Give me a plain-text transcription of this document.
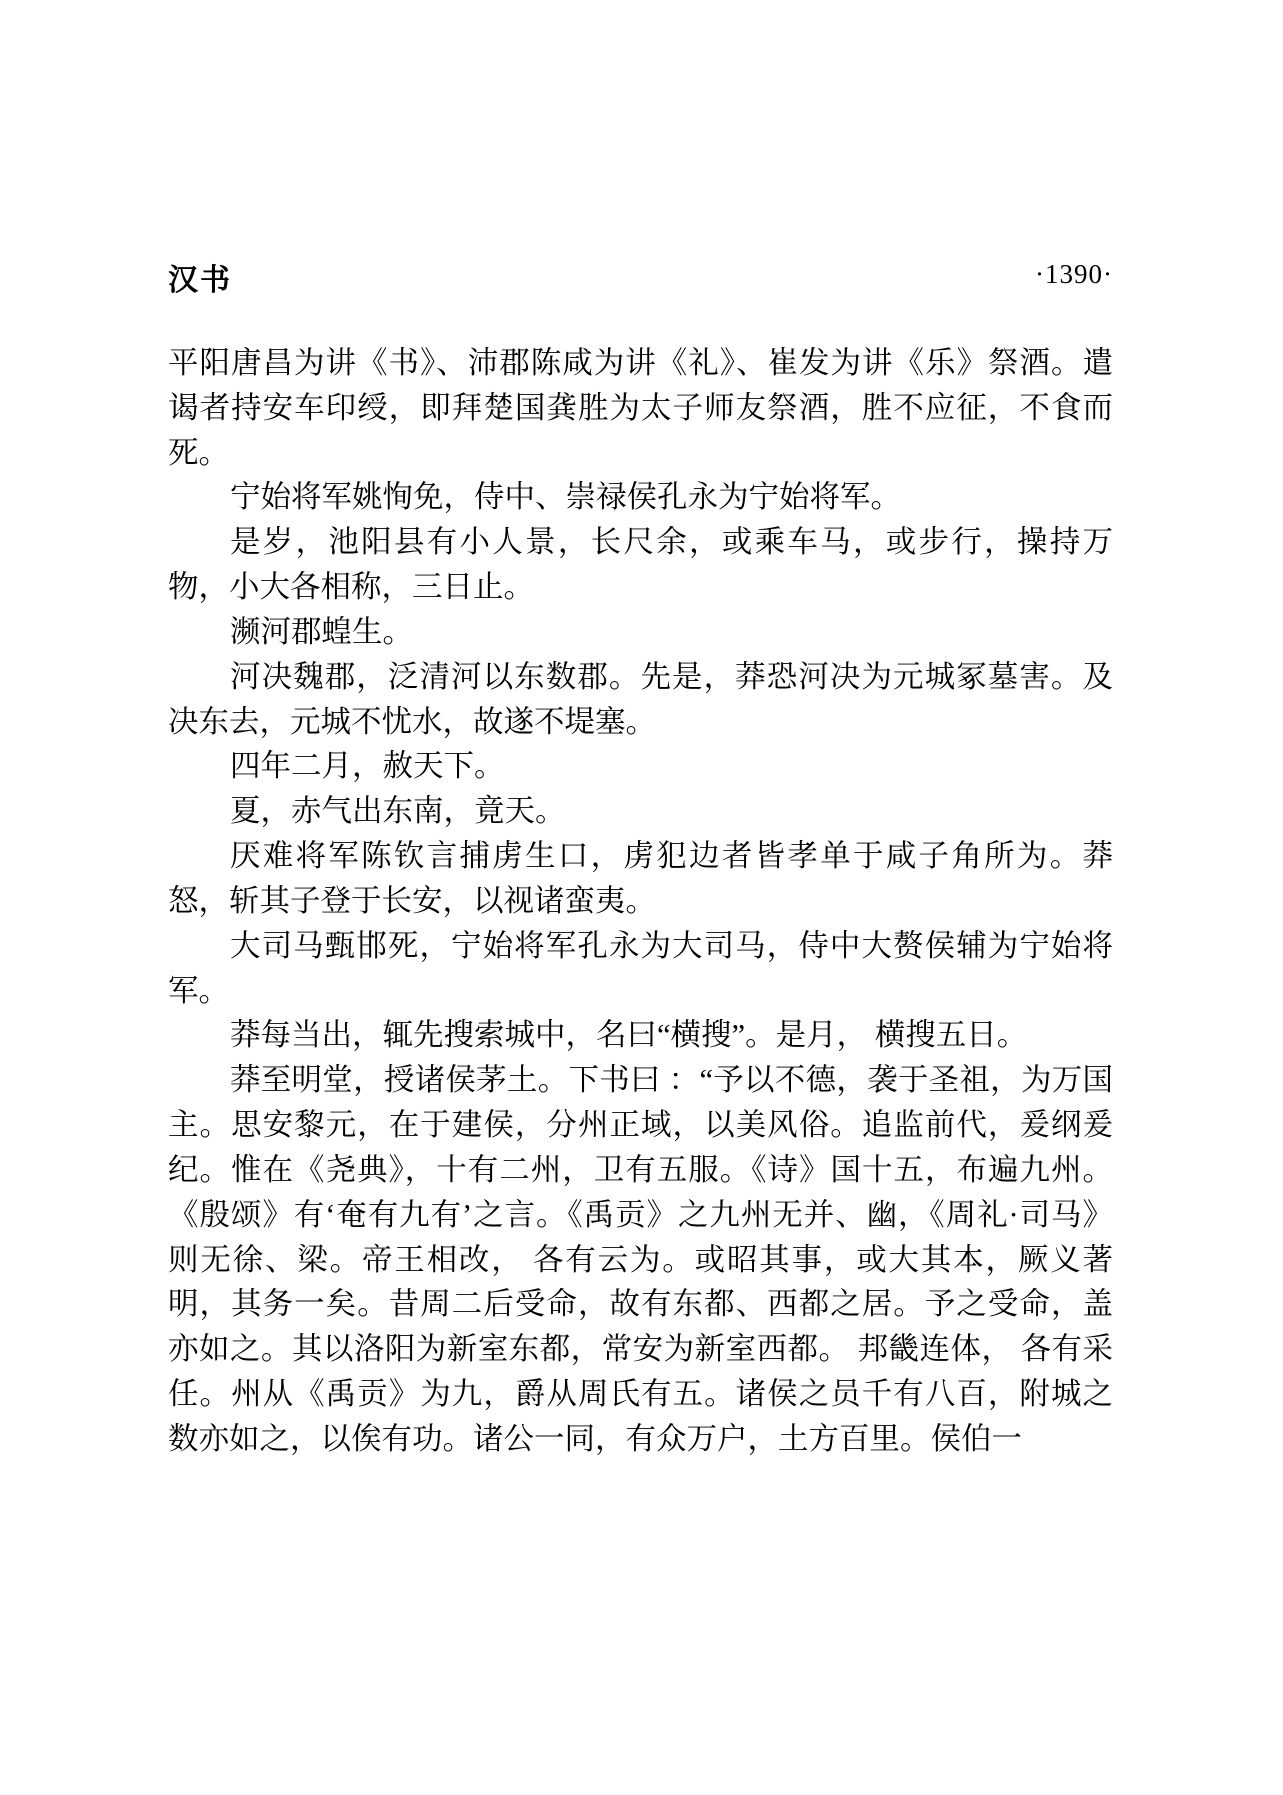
汉书	·1390·

平阳唐昌为讲《书》、沛郡陈咸为讲《礼》、崔发为讲《乐》祭酒。遣谒者持安车印绶，即拜楚国龚胜为太子师友祭酒，胜不应征，不食而死。

宁始将军姚恂免，侍中、崇禄侯孔永为宁始将军。

是岁，池阳县有小人景，长尺余，或乘车马，或步行，操持万物，小大各相称，三日止。

濒河郡蝗生。

河决魏郡，泛清河以东数郡。先是，莽恐河决为元城冢墓害。及决东去，元城不忧水，故遂不堤塞。

四年二月，赦天下。

夏，赤气出东南，竟天。

厌难将军陈钦言捕虏生口，虏犯边者皆孝单于咸子角所为。莽怒，斩其子登于长安，以视诸蛮夷。

大司马甄邯死，宁始将军孔永为大司马，侍中大赘侯辅为宁始将军。

莽每当出，辄先搜索城中，名曰“横搜”。是月， 横搜五日。

莽至明堂，授诸侯茅土。下书曰 ：“予以不德，袭于圣祖，为万国主。思安黎元，在于建侯，分州正域，以美风俗。追监前代，爰纲爰纪。惟在《尧典》，十有二州，卫有五服。《诗》国十五，布遍九州。《殷颂》有‘奄有九有’之言。《禹贡》之九州无并、幽，《周礼·司马》则无徐、梁。帝王相改， 各有云为。或昭其事，或大其本，厥义著明，其务一矣。昔周二后受命，故有东都、西都之居。予之受命，盖亦如之。其以洛阳为新室东都，常安为新室西都。 邦畿连体， 各有采任。州从《禹贡》为九，爵从周氏有五。诸侯之员千有八百，附城之数亦如之，以俟有功。诸公一同，有众万户，土方百里。侯伯一
